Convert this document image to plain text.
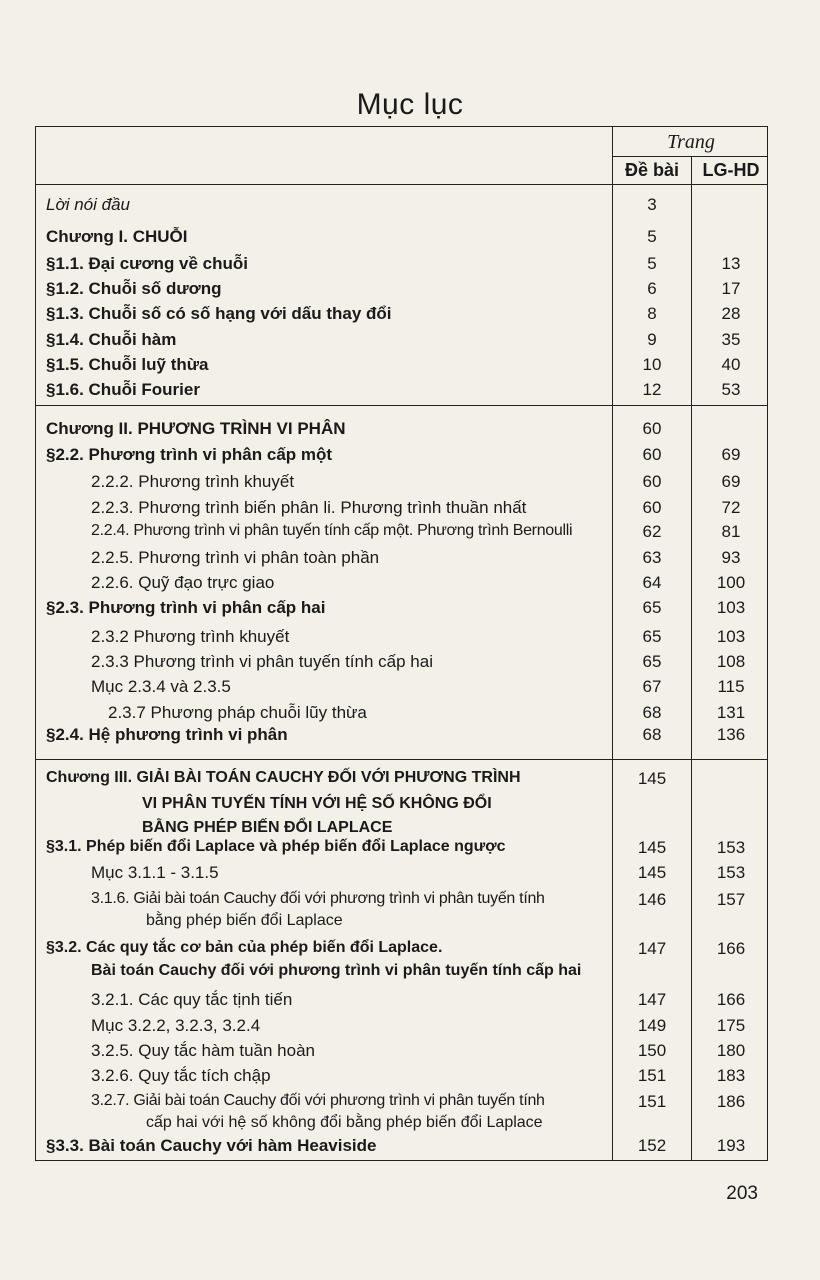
Mục lục
Trang
Đề bài	LG-HD
Lời nói đầu	3
Chương I. CHUỖI	5
§1.1. Đại cương về chuỗi	5	13
§1.2. Chuỗi số dương	6	17
§1.3. Chuỗi số có số hạng với dấu thay đổi	8	28
§1.4. Chuỗi hàm	9	35
§1.5. Chuỗi luỹ thừa	10	40
§1.6. Chuỗi Fourier	12	53
Chương II. PHƯƠNG TRÌNH VI PHÂN	60
§2.2. Phương trình vi phân cấp một	60	69
2.2.2. Phương trình khuyết	60	69
2.2.3. Phương trình biến phân li. Phương trình thuần nhất	60	72
2.2.4. Phương trình vi phân tuyến tính cấp một. Phương trình Bernoulli	62	81
2.2.5. Phương trình vi phân toàn phần	63	93
2.2.6. Quỹ đạo trực giao	64	100
§2.3. Phương trình vi phân cấp hai	65	103
2.3.2 Phương trình khuyết	65	103
2.3.3 Phương trình vi phân tuyến tính cấp hai	65	108
Mục 2.3.4 và 2.3.5	67	115
2.3.7 Phương pháp chuỗi lũy thừa	68	131
§2.4. Hệ phương trình vi phân	68	136
Chương III. GIẢI BÀI TOÁN CAUCHY ĐỐI VỚI PHƯƠNG TRÌNH
VI PHÂN TUYẾN TÍNH VỚI HỆ SỐ KHÔNG ĐỔI
BẰNG PHÉP BIẾN ĐỔI LAPLACE
145
§3.1. Phép biến đổi Laplace và phép biến đổi Laplace ngược	145	153
Mục 3.1.1 - 3.1.5	145	153
3.1.6. Giải bài toán Cauchy đối với phương trình vi phân tuyến tính
bằng phép biến đổi Laplace
146	157
§3.2. Các quy tắc cơ bản của phép biến đổi Laplace.
Bài toán Cauchy đối với phương trình vi phân tuyến tính cấp hai
147	166
3.2.1. Các quy tắc tịnh tiến	147	166
Mục 3.2.2, 3.2.3, 3.2.4	149	175
3.2.5. Quy tắc hàm tuần hoàn	150	180
3.2.6. Quy tắc tích chập	151	183
3.2.7. Giải bài toán Cauchy đối với phương trình vi phân tuyến tính
cấp hai với hệ số không đổi bằng phép biến đổi Laplace
151	186
§3.3. Bài toán Cauchy với hàm Heaviside	152	193
203
